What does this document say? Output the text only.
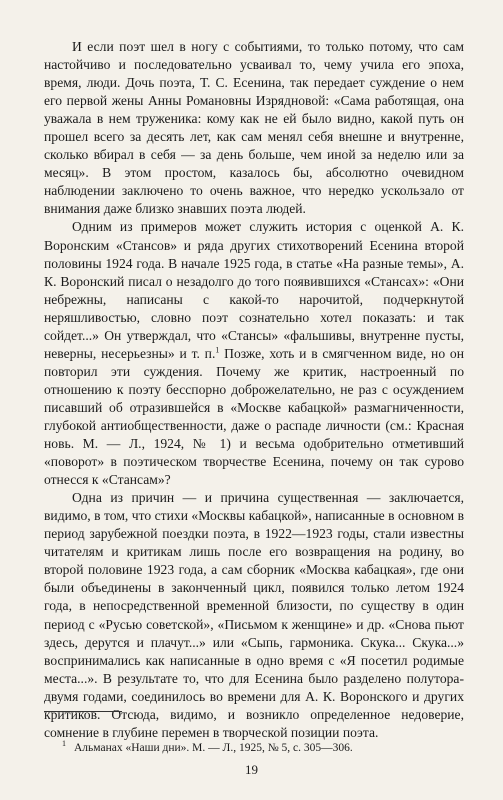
И если поэт шел в ногу с событиями, то только потому, что сам настойчиво и последовательно усваивал то, чему учила его эпоха, время, люди. Дочь поэта, Т. С. Есенина, так передает суждение о нем его первой жены Анны Романовны Изрядновой: «Сама работящая, она уважала в нем труженика: кому как не ей было видно, какой путь он прошел всего за десять лет, как сам менял себя внешне и внутренне, сколько вбирал в себя — за день больше, чем иной за неделю или за месяц». В этом простом, казалось бы, абсолютно очевидном наблюдении заключено то очень важное, что нередко ускользало от внимания даже близко знавших поэта людей.

Одним из примеров может служить история с оценкой А. К. Воронским «Стансов» и ряда других стихотворений Есенина второй половины 1924 года. В начале 1925 года, в статье «На разные темы», А. К. Воронский писал о незадолго до того появившихся «Стансах»: «Они небрежны, написаны с какой-то нарочитой, подчеркнутой неряшливостью, словно поэт сознательно хотел показать: и так сойдет...» Он утверждал, что «Стансы» «фальшивы, внутренне пусты, неверны, несерьезны» и т. п.$^1$ Позже, хоть и в смягченном виде, но он повторил эти суждения. Почему же критик, настроенный по отношению к поэту бесспорно доброжелательно, не раз с осуждением писавший об отразившейся в «Москве кабацкой» размагниченности, глубокой антиобщественности, даже о распаде личности (см.: Красная новь. М. — Л., 1924, № 1) и весьма одобрительно отметивший «поворот» в поэтическом творчестве Есенина, почему он так сурово отнесся к «Стансам»?

Одна из причин — и причина существенная — заключается, видимо, в том, что стихи «Москвы кабацкой», написанные в основном в период зарубежной поездки поэта, в 1922—1923 годы, стали известны читателям и критикам лишь после его возвращения на родину, во второй половине 1923 года, а сам сборник «Москва кабацкая», где они были объединены в законченный цикл, появился только летом 1924 года, в непосредственной временной близости, по существу в один период с «Русью советской», «Письмом к женщине» и др. «Снова пьют здесь, дерутся и плачут...» или «Сыпь, гармоника. Скука... Скука...» воспринимались как написанные в одно время с «Я посетил родимые места...». В результате то, что для Есенина было разделено полутора-двумя годами, соединилось во времени для А. К. Воронского и других критиков. Отсюда, видимо, и возникло определенное недоверие, сомнение в глубине перемен в творческой позиции поэта.

$^1$ Альманах «Наши дни». М. — Л., 1925, № 5, с. 305—306.
19
